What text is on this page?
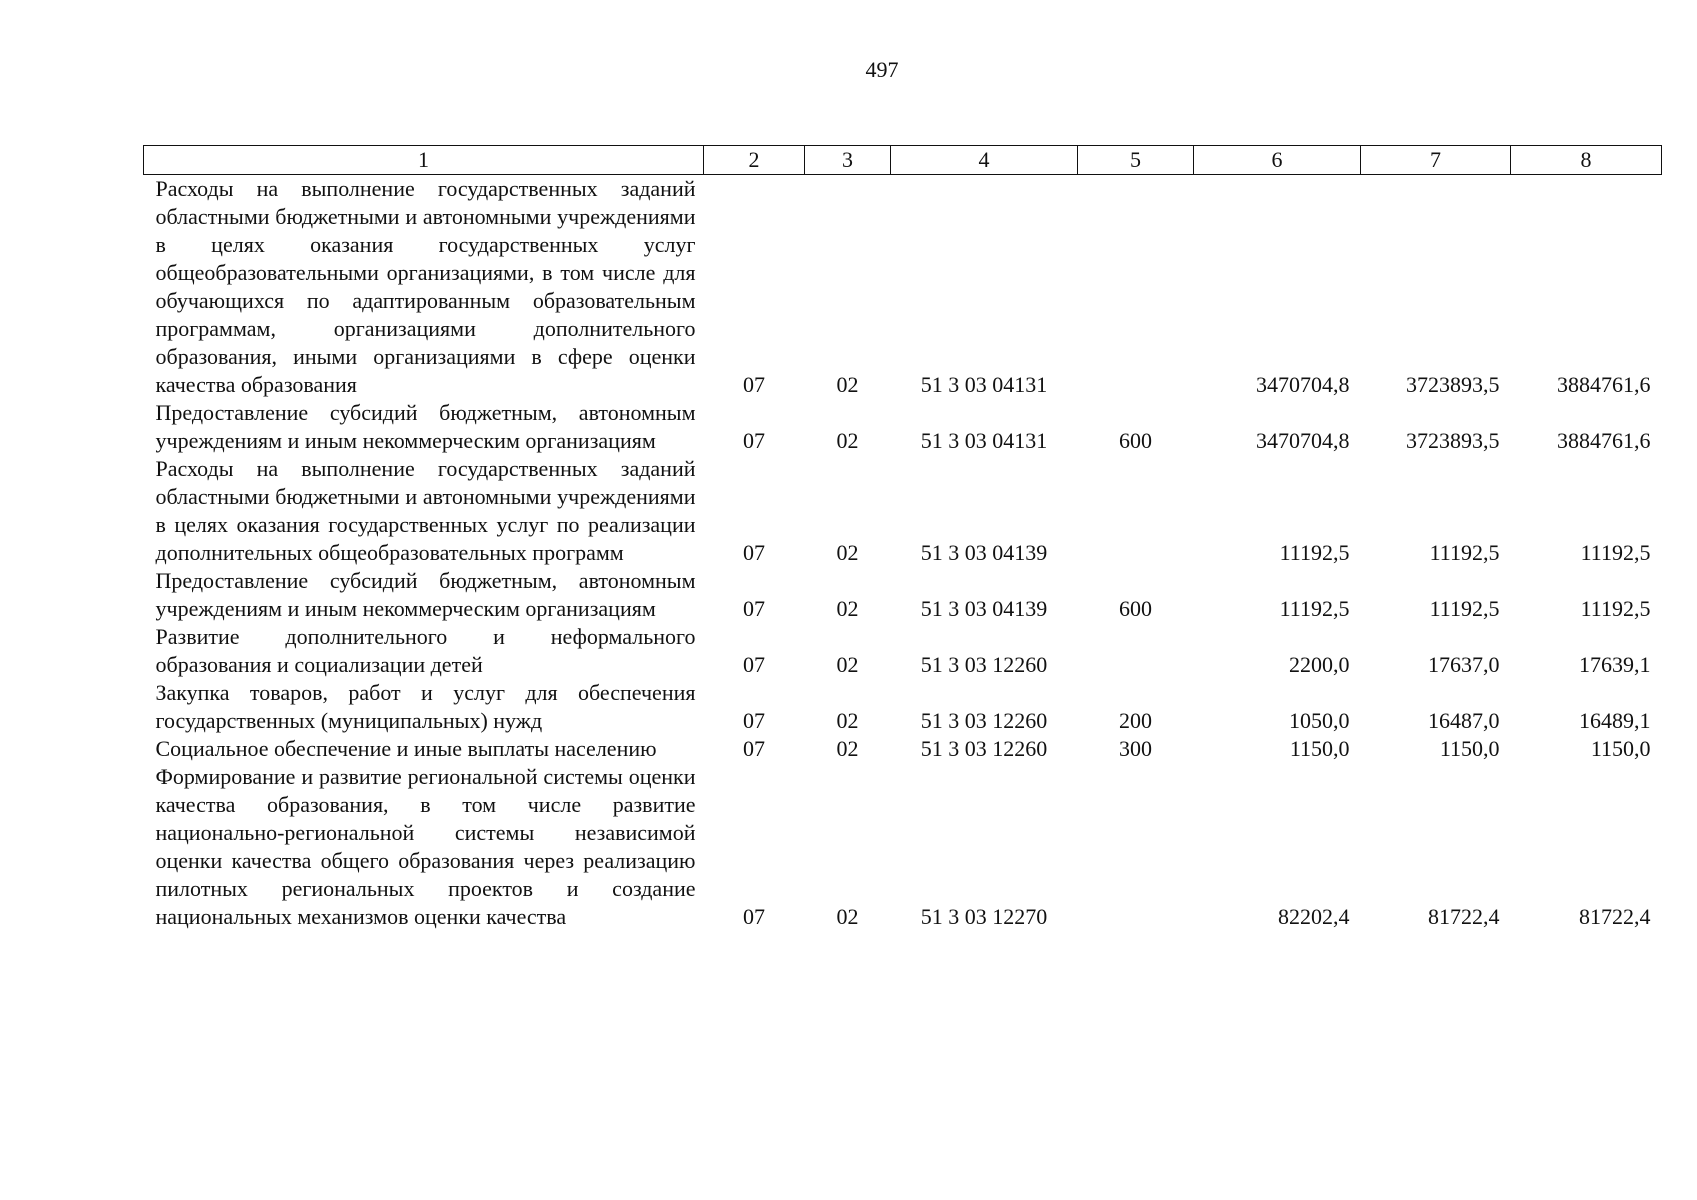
497
1	2	3	4	5	6	7	8
Расходы на выполнение государственных заданий областными бюджетными и автономными учреждениями в целях оказания государственных услуг общеобразовательными организациями, в том числе для обучающихся по адаптированным образовательным программам, организациями дополнительного образования, иными организациями в сфере оценки качества образования	07	02	51 3 03 04131		3470704,8	3723893,5	3884761,6
Предоставление субсидий бюджетным, автономным учреждениям и иным некоммерческим организациям	07	02	51 3 03 04131	600	3470704,8	3723893,5	3884761,6
Расходы на выполнение государственных заданий областными бюджетными и автономными учреждениями в целях оказания государственных услуг по реализации дополнительных общеобразовательных программ	07	02	51 3 03 04139		11192,5	11192,5	11192,5
Предоставление субсидий бюджетным, автономным учреждениям и иным некоммерческим организациям	07	02	51 3 03 04139	600	11192,5	11192,5	11192,5
Развитие дополнительного и неформального образования и социализации детей	07	02	51 3 03 12260		2200,0	17637,0	17639,1
Закупка товаров, работ и услуг для обеспечения государственных (муниципальных) нужд	07	02	51 3 03 12260	200	1050,0	16487,0	16489,1
Социальное обеспечение и иные выплаты населению	07	02	51 3 03 12260	300	1150,0	1150,0	1150,0
Формирование и развитие региональной системы оценки качества образования, в том числе развитие национально-региональной системы независимой оценки качества общего образования через реализацию пилотных региональных проектов и создание национальных механизмов оценки качества	07	02	51 3 03 12270		82202,4	81722,4	81722,4
